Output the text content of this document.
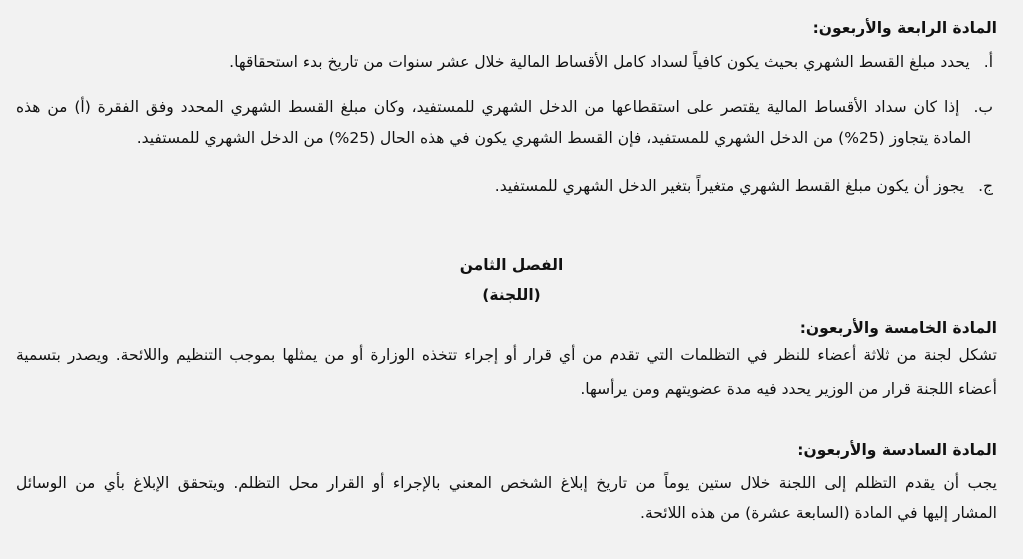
المادة الرابعة والأربعون:
أ.يحدد مبلغ القسط الشهري بحيث يكون كافياً لسداد كامل الأقساط المالية خلال عشر سنوات من تاريخ بدء استحقاقها.
ب.إذا كان سداد الأقساط المالية يقتصر على استقطاعها من الدخل الشهري للمستفيد، وكان مبلغ القسط الشهري المحدد وفق الفقرة (أ) من هذه
المادة يتجاوز (25%) من الدخل الشهري للمستفيد، فإن القسط الشهري يكون في هذه الحال (25%) من الدخل الشهري للمستفيد.
ج.يجوز أن يكون مبلغ القسط الشهري متغيراً بتغير الدخل الشهري للمستفيد.
الفصل الثامن
(اللجنة)
المادة الخامسة والأربعون:
تشكل لجنة من ثلاثة أعضاء للنظر في التظلمات التي تقدم من أي قرار أو إجراء تتخذه الوزارة أو من يمثلها بموجب التنظيم واللائحة. ويصدر بتسمية
أعضاء اللجنة قرار من الوزير يحدد فيه مدة عضويتهم ومن يرأسها.
المادة السادسة والأربعون:
يجب أن يقدم التظلم إلى اللجنة خلال ستين يوماً من تاريخ إبلاغ الشخص المعني بالإجراء أو القرار محل التظلم. ويتحقق الإبلاغ بأي من الوسائل
المشار إليها في المادة (السابعة عشرة) من هذه اللائحة.
